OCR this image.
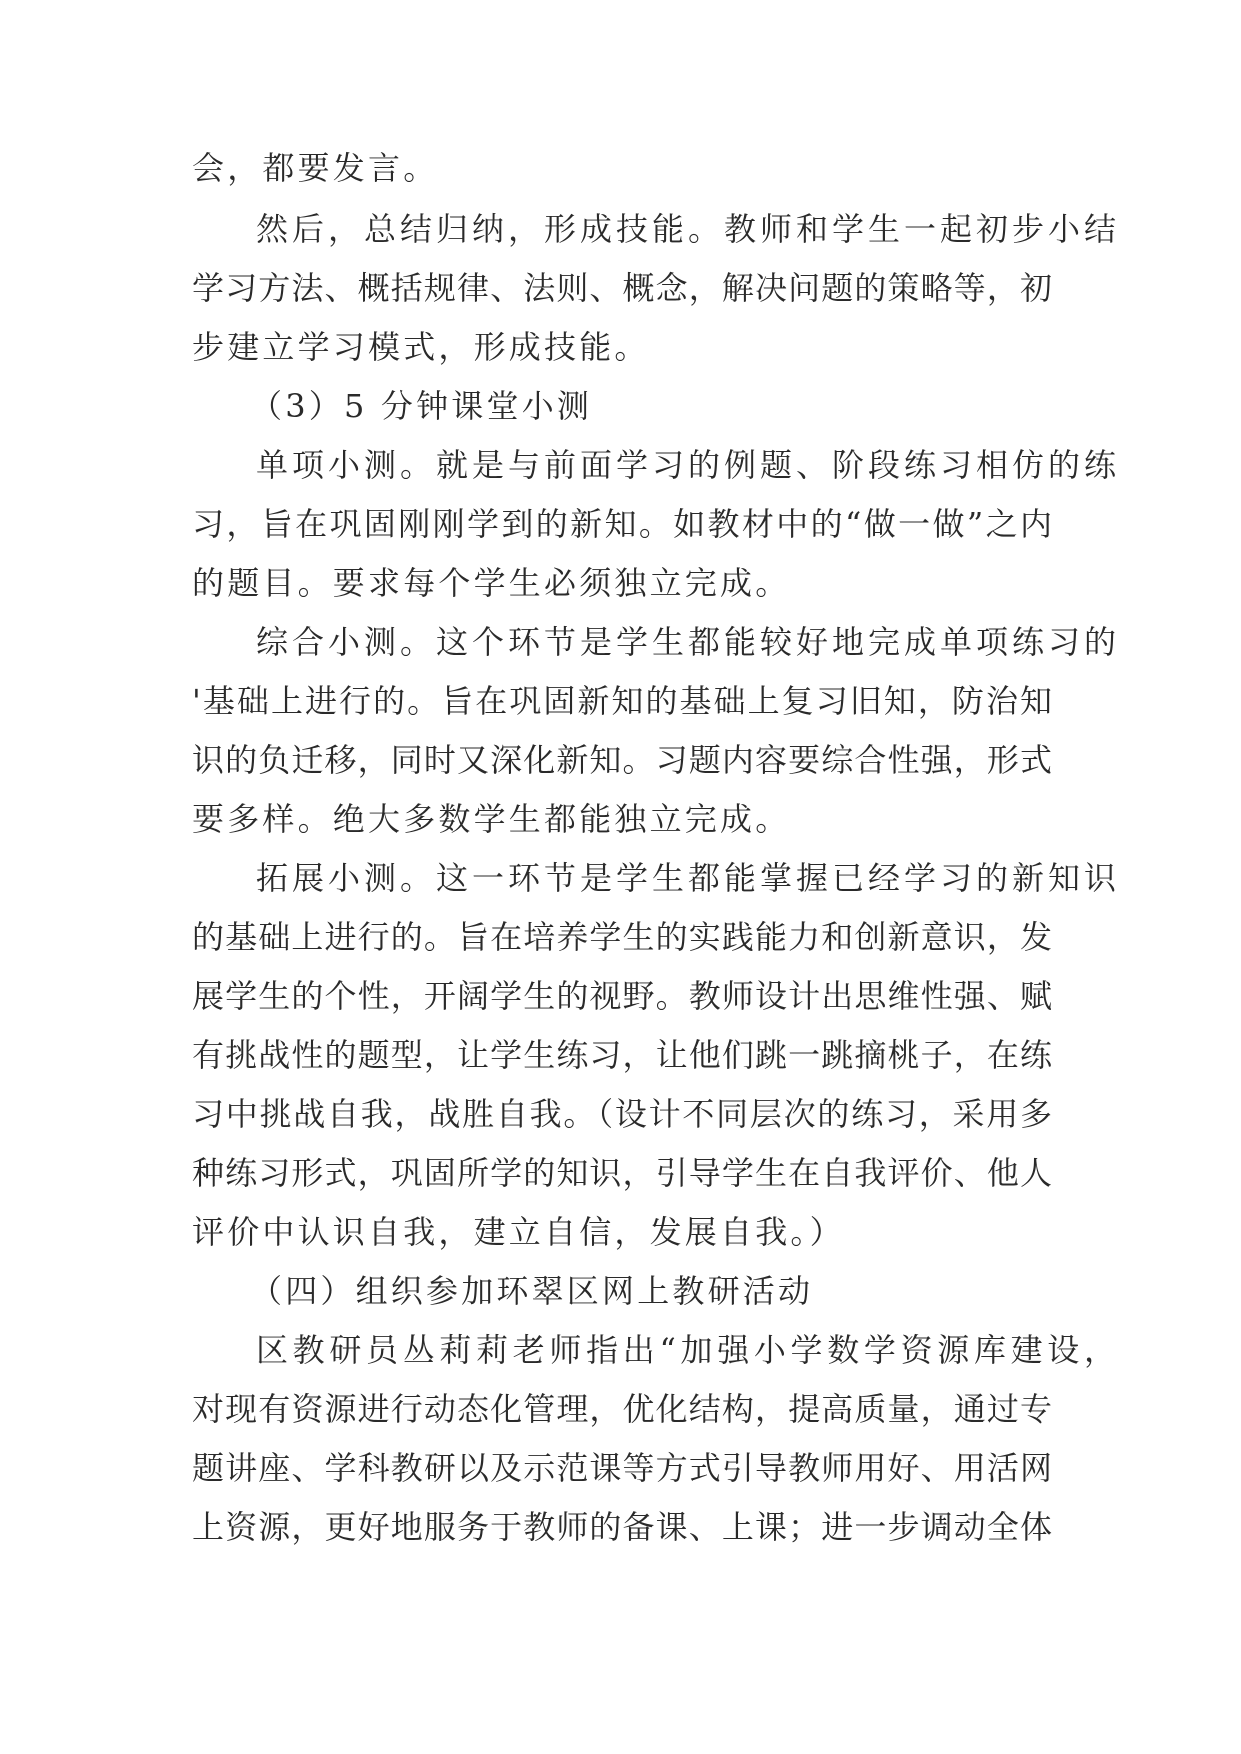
会，都要发言。
然后，总结归纳，形成技能。教师和学生一起初步小结
学习方法、概括规律、法则、概念，解决问题的策略等，初
步建立学习模式，形成技能。
（3）5 分钟课堂小测
单项小测。就是与前面学习的例题、阶段练习相仿的练
习，旨在巩固刚刚学到的新知。如教材中的“做一做”之内
的题目。要求每个学生必须独立完成。
综合小测。这个环节是学生都能较好地完成单项练习的
'基础上进行的。旨在巩固新知的基础上复习旧知，防治知
识的负迁移，同时又深化新知。习题内容要综合性强，形式
要多样。绝大多数学生都能独立完成。
拓展小测。这一环节是学生都能掌握已经学习的新知识
的基础上进行的。旨在培养学生的实践能力和创新意识，发
展学生的个性，开阔学生的视野。教师设计出思维性强、赋
有挑战性的题型，让学生练习，让他们跳一跳摘桃子，在练
习中挑战自我，战胜自我。（设计不同层次的练习，采用多
种练习形式，巩固所学的知识，引导学生在自我评价、他人
评价中认识自我，建立自信，发展自我。）
（四）组织参加环翠区网上教研活动
区教研员丛莉莉老师指出“加强小学数学资源库建设，
对现有资源进行动态化管理，优化结构，提高质量，通过专
题讲座、学科教研以及示范课等方式引导教师用好、用活网
上资源，更好地服务于教师的备课、上课；进一步调动全体
